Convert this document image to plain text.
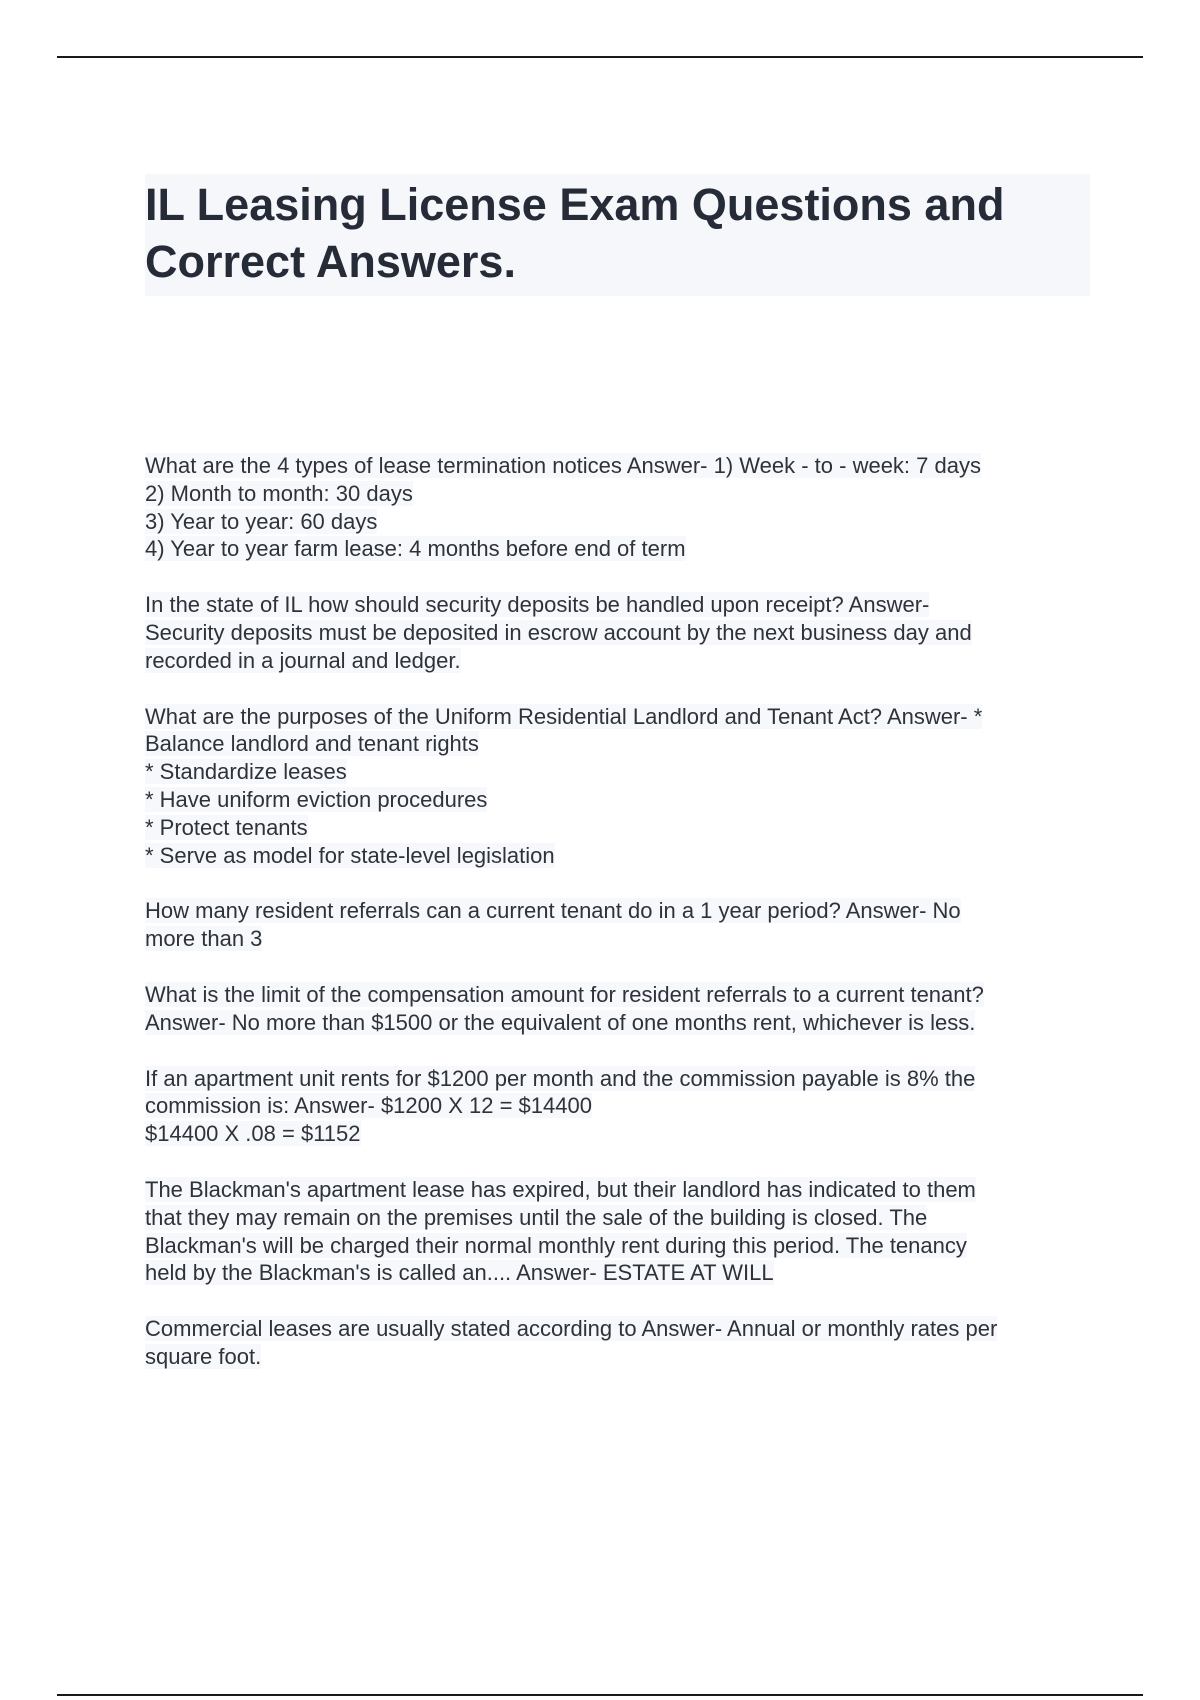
IL Leasing License Exam Questions and
Correct Answers.
What are the 4 types of lease termination notices Answer- 1) Week - to - week: 7 days
2) Month to month: 30 days
3) Year to year: 60 days
4) Year to year farm lease: 4 months before end of term
In the state of IL how should security deposits be handled upon receipt? Answer-
Security deposits must be deposited in escrow account by the next business day and
recorded in a journal and ledger.
What are the purposes of the Uniform Residential Landlord and Tenant Act? Answer- *
Balance landlord and tenant rights
* Standardize leases
* Have uniform eviction procedures
* Protect tenants
* Serve as model for state-level legislation
How many resident referrals can a current tenant do in a 1 year period? Answer- No
more than 3
What is the limit of the compensation amount for resident referrals to a current tenant?
Answer- No more than $1500 or the equivalent of one months rent, whichever is less.
If an apartment unit rents for $1200 per month and the commission payable is 8% the
commission is: Answer- $1200 X 12 = $14400
$14400 X .08 = $1152
The Blackman's apartment lease has expired, but their landlord has indicated to them
that they may remain on the premises until the sale of the building is closed. The
Blackman's will be charged their normal monthly rent during this period. The tenancy
held by the Blackman's is called an.... Answer- ESTATE AT WILL
Commercial leases are usually stated according to Answer- Annual or monthly rates per
square foot.
